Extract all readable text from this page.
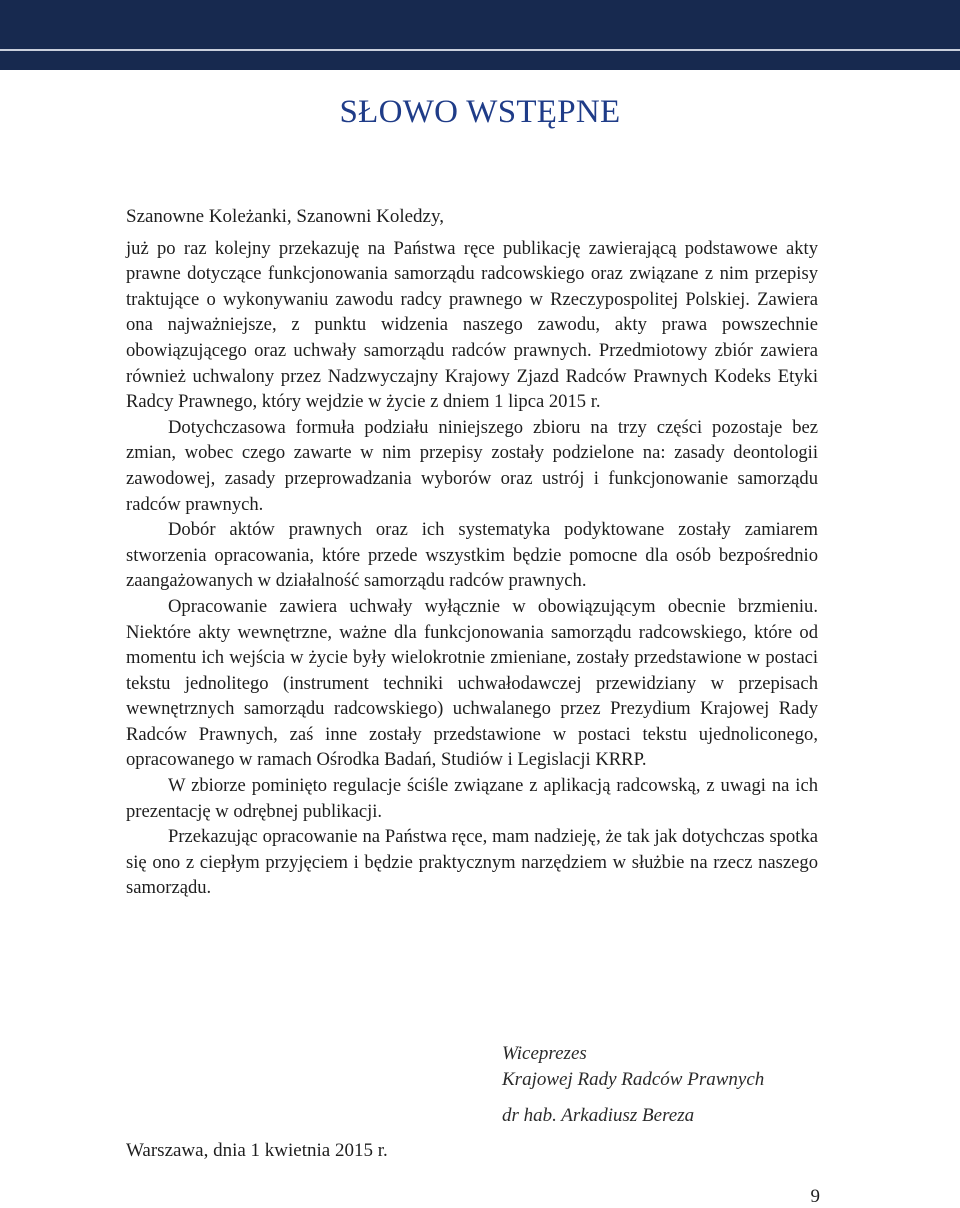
SŁOWO WSTĘPNE

Szanowne Koleżanki, Szanowni Koledzy,

już po raz kolejny przekazuję na Państwa ręce publikację zawierającą podstawowe akty prawne dotyczące funkcjonowania samorządu radcowskiego oraz związane z nim przepisy traktujące o wykonywaniu zawodu radcy prawnego w Rzeczypospolitej Polskiej. Zawiera ona najważniejsze, z punktu widzenia naszego zawodu, akty prawa powszechnie obowiązującego oraz uchwały samorządu radców prawnych. Przedmiotowy zbiór zawiera również uchwalony przez Nadzwyczajny Krajowy Zjazd Radców Prawnych Kodeks Etyki Radcy Prawnego, który wejdzie w życie z dniem 1 lipca 2015 r.

Dotychczasowa formuła podziału niniejszego zbioru na trzy części pozostaje bez zmian, wobec czego zawarte w nim przepisy zostały podzielone na: zasady deontologii zawodowej, zasady przeprowadzania wyborów oraz ustrój i funkcjonowanie samorządu radców prawnych.

Dobór aktów prawnych oraz ich systematyka podyktowane zostały zamiarem stworzenia opracowania, które przede wszystkim będzie pomocne dla osób bezpośrednio zaangażowanych w działalność samorządu radców prawnych.

Opracowanie zawiera uchwały wyłącznie w obowiązującym obecnie brzmieniu. Niektóre akty wewnętrzne, ważne dla funkcjonowania samorządu radcowskiego, które od momentu ich wejścia w życie były wielokrotnie zmieniane, zostały przedstawione w postaci tekstu jednolitego (instrument techniki uchwałodawczej przewidziany w przepisach wewnętrznych samorządu radcowskiego) uchwalanego przez Prezydium Krajowej Rady Radców Prawnych, zaś inne zostały przedstawione w postaci tekstu ujednoliconego, opracowanego w ramach Ośrodka Badań, Studiów i Legislacji KRRP.

W zbiorze pominięto regulacje ściśle związane z aplikacją radcowską, z uwagi na ich prezentację w odrębnej publikacji.

Przekazując opracowanie na Państwa ręce, mam nadzieję, że tak jak dotychczas spotka się ono z ciepłym przyjęciem i będzie praktycznym narzędziem w służbie na rzecz naszego samorządu.

Wiceprezes
Krajowej Rady Radców Prawnych
dr hab. Arkadiusz Bereza
Warszawa, dnia 1 kwietnia 2015 r.
9
